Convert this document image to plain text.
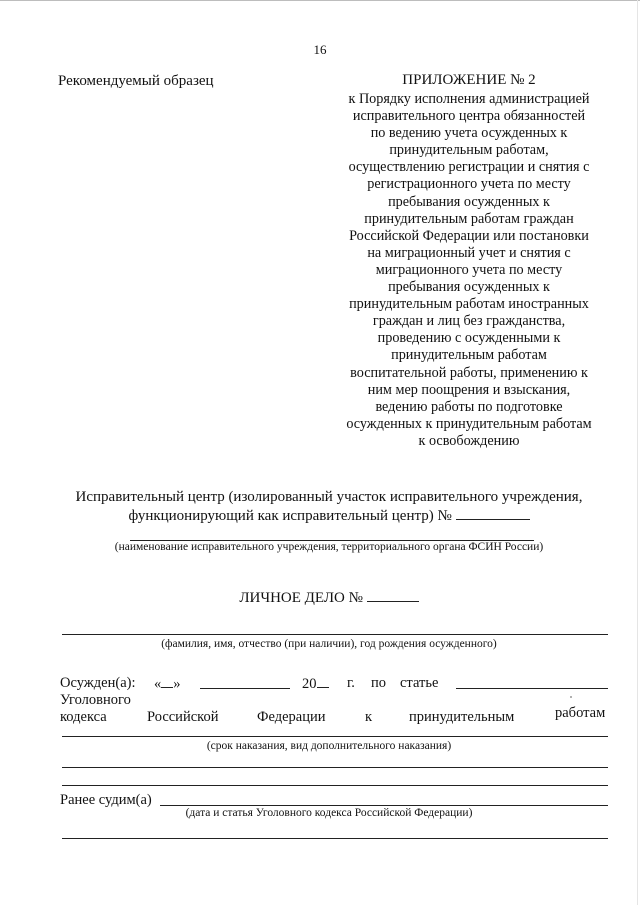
16
Рекомендуемый образец	ПРИЛОЖЕНИЕ № 2
к Порядку исполнения администрацией
исправительного центра обязанностей
по ведению учета осужденных к
принудительным работам,
осуществлению регистрации и снятия с
регистрационного учета по месту
пребывания осужденных к
принудительным работам граждан
Российской Федерации или постановки
на миграционный учет и снятия с
миграционного учета по месту
пребывания осужденных к
принудительным работам иностранных
граждан и лиц без гражданства,
проведению с осужденными к
принудительным работам
воспитательной работы, применению к
ним мер поощрения и взыскания,
ведению работы по подготовке
осужденных к принудительным работам
к освобождению
Исправительный центр (изолированный участок исправительного учреждения,
функционирующий как исправительный центр) №
(наименование исправительного учреждения, территориального органа ФСИН России)
ЛИЧНОЕ ДЕЛО №
(фамилия, имя, отчество (при наличии), год рождения осужденного)
Осужден(а): « »	20	г. по статье
Уголовного
кодекса	Российской	Федерации	к	принудительным	работам
(срок наказания, вид дополнительного наказания)
Ранее судим(а)
(дата и статья Уголовного кодекса Российской Федерации)
